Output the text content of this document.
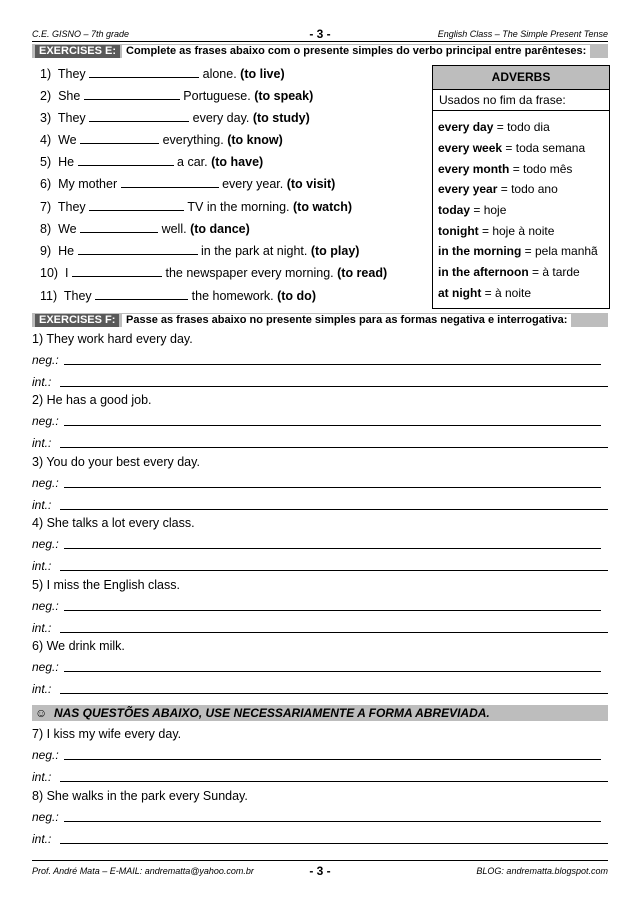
C.E. GISNO – 7th grade	- 3 -	English Class – The Simple Present Tense
EXERCISES E: Complete as frases abaixo com o presente simples do verbo principal entre parênteses:
1) They	alone. (to live)
2) She	Portuguese. (to speak)
3) They	every day. (to study)
4) We	everything. (to know)
5) He	a car. (to have)
6) My mother	every year. (to visit)
7) They	TV in the morning. (to watch)
8) We	well. (to dance)
9) He	in the park at night. (to play)
10) I	the newspaper every morning. (to read)
11) They	the homework. (to do)
ADVERBS
Usados no fim da frase:
every day = todo dia
every week = toda semana
every month = todo mês
every year = todo ano
today = hoje
tonight = hoje à noite
in the morning = pela manhã
in the afternoon = à tarde
at night = à noite
EXERCISES F: Passe as frases abaixo no presente simples para as formas negativa e interrogativa:
1) They work hard every day.
neg.:
int.:
2) He has a good job.
neg.:
int.:
3) You do your best every day.
neg.:
int.:
4) She talks a lot every class.
neg.:
int.:
5) I miss the English class.
neg.:
int.:
6) We drink milk.
neg.:
int.:
7) I kiss my wife every day.
neg.:
int.:
8) She walks in the park every Sunday.
neg.:
int.:
☺ NAS QUESTÕES ABAIXO, USE NECESSARIAMENTE A FORMA ABREVIADA.
Prof. André Mata – E-MAIL: andrematta@yahoo.com.br	- 3 -	BLOG: andrematta.blogspot.com
